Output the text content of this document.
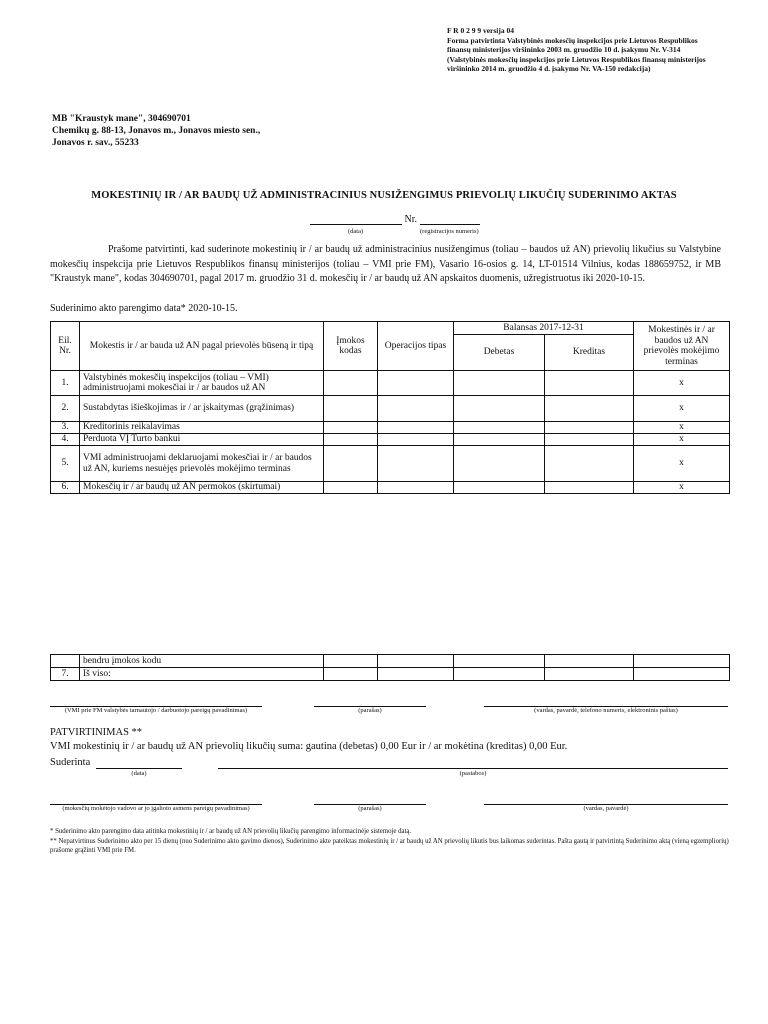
F R 0 2 9 9 versija 04
Forma patvirtinta Valstybinės mokesčių inspekcijos prie Lietuvos Respublikos
finansų ministerijos viršininko 2003 m. gruodžio 10 d. įsakymu Nr. V-314
(Valstybinės mokesčių inspekcijos prie Lietuvos Respublikos finansų ministerijos
viršininko 2014 m. gruodžio 4 d. įsakymo Nr. VA-150 redakcija)
MB "Kraustyk mane", 304690701
Chemikų g. 88-13, Jonavos m., Jonavos miesto sen.,
Jonavos r. sav., 55233
MOKESTINIŲ IR / AR BAUDŲ UŽ ADMINISTRACINIUS NUSIŽENGIMUS PRIEVOLIŲ LIKUČIŲ SUDERINIMO AKTAS
Nr.
(data)	(registracijos numeris)
Prašome patvirtinti, kad suderinote mokestinių ir / ar baudų už administracinius nusižengimus (toliau – baudos už AN) prievolių likučius su Valstybine mokesčių inspekcija prie Lietuvos Respublikos finansų ministerijos (toliau – VMI prie FM), Vasario 16-osios g. 14, LT-01514 Vilnius, kodas 188659752, ir MB "Kraustyk mane", kodas 304690701, pagal 2017 m. gruodžio 31 d. mokesčių ir / ar baudų už AN apskaitos duomenis, užregistruotus iki 2020-10-15.
Suderinimo akto parengimo data* 2020-10-15.
Eil. Nr.	Mokestis ir / ar bauda už AN pagal prievolės būseną ir tipą	Įmokos kodas	Operacijos tipas	Balansas 2017-12-31		Mokestinės ir / ar baudos už AN prievolės mokėjimo terminas
				Debetas	Kreditas	
1.	Valstybinės mokesčių inspekcijos (toliau – VMI) administruojami mokesčiai ir / ar baudos už AN					x
2.	Sustabdytas išieškojimas ir / ar įskaitymas (grąžinimas)					x
3.	Kreditorinis reikalavimas					x
4.	Perduota VĮ Turto bankui					x
5.	VMI administruojami deklaruojami mokesčiai ir / ar baudos už AN, kuriems nesuėjęs prievolės mokėjimo terminas					x
6.	Mokesčių ir / ar baudų už AN permokos (skirtumai)					x
	bendru įmokos kodu					
7.	Iš viso:					
(VMI prie FM valstybės tarnautojo / darbuotojo pareigų pavadinimas)	(parašas)	(vardas, pavardė, telefono numeris, elektroninis paštas)
PATVIRTINIMAS **
VMI mokestinių ir / ar baudų už AN prievolių likučių suma: gautina (debetas) 0,00 Eur ir / ar mokėtina (kreditas) 0,00 Eur.
Suderinta
(data)	(pastabos)
(mokesčių mokėtojo vadovo ar jo įgalioto asmens pareigų pavadinimas)	(parašas)	(vardas, pavardė)
* Suderinimo akto parengimo data atitinka mokestinių ir / ar baudų už AN prievolių likučių parengimo informacinėje sistemoje datą.
** Nepatvirtinus Suderinimo akto per 15 dienų (nuo Suderinimo akto gavimo dienos), Suderinimo akte pateiktas mokestinių ir / ar baudų už AN prievolių likutis bus laikomas suderintas. Pašta gautą ir patvirtintą Suderinimo aktą (vieną egzempliorių) prašome grąžinti VMI prie FM.
